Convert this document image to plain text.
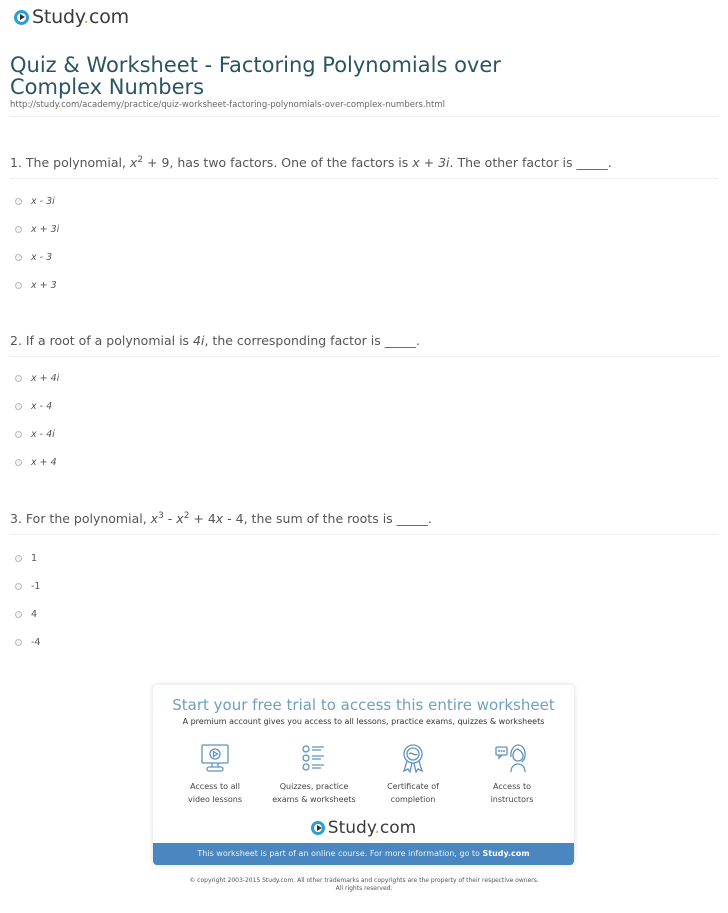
Study.com
Quiz & Worksheet - Factoring Polynomials over Complex Numbers
http://study.com/academy/practice/quiz-worksheet-factoring-polynomials-over-complex-numbers.html
1. The polynomial, $x^2 + 9$, has two factors. One of the factors is x + 3i. The other factor is _____.
x - 3i
x + 3i
x - 3
x + 3
2. If a root of a polynomial is 4i, the corresponding factor is _____.
x + 4i
x - 4
x - 4i
x + 4
3. For the polynomial, $x^3 - x^2 + 4x - 4$, the sum of the roots is _____.
1
-1
4
-4
Start your free trial to access this entire worksheet
A premium account gives you access to all lessons, practice exams, quizzes & worksheets
Access to all
video lessons
Quizzes, practice
exams & worksheets
Certificate of
completion
Access to
instructors
Study.com
This worksheet is part of an online course. For more information, go to Study.com
© copyright 2003-2015 Study.com. All other trademarks and copyrights are the property of their respective owners.
All rights reserved.
